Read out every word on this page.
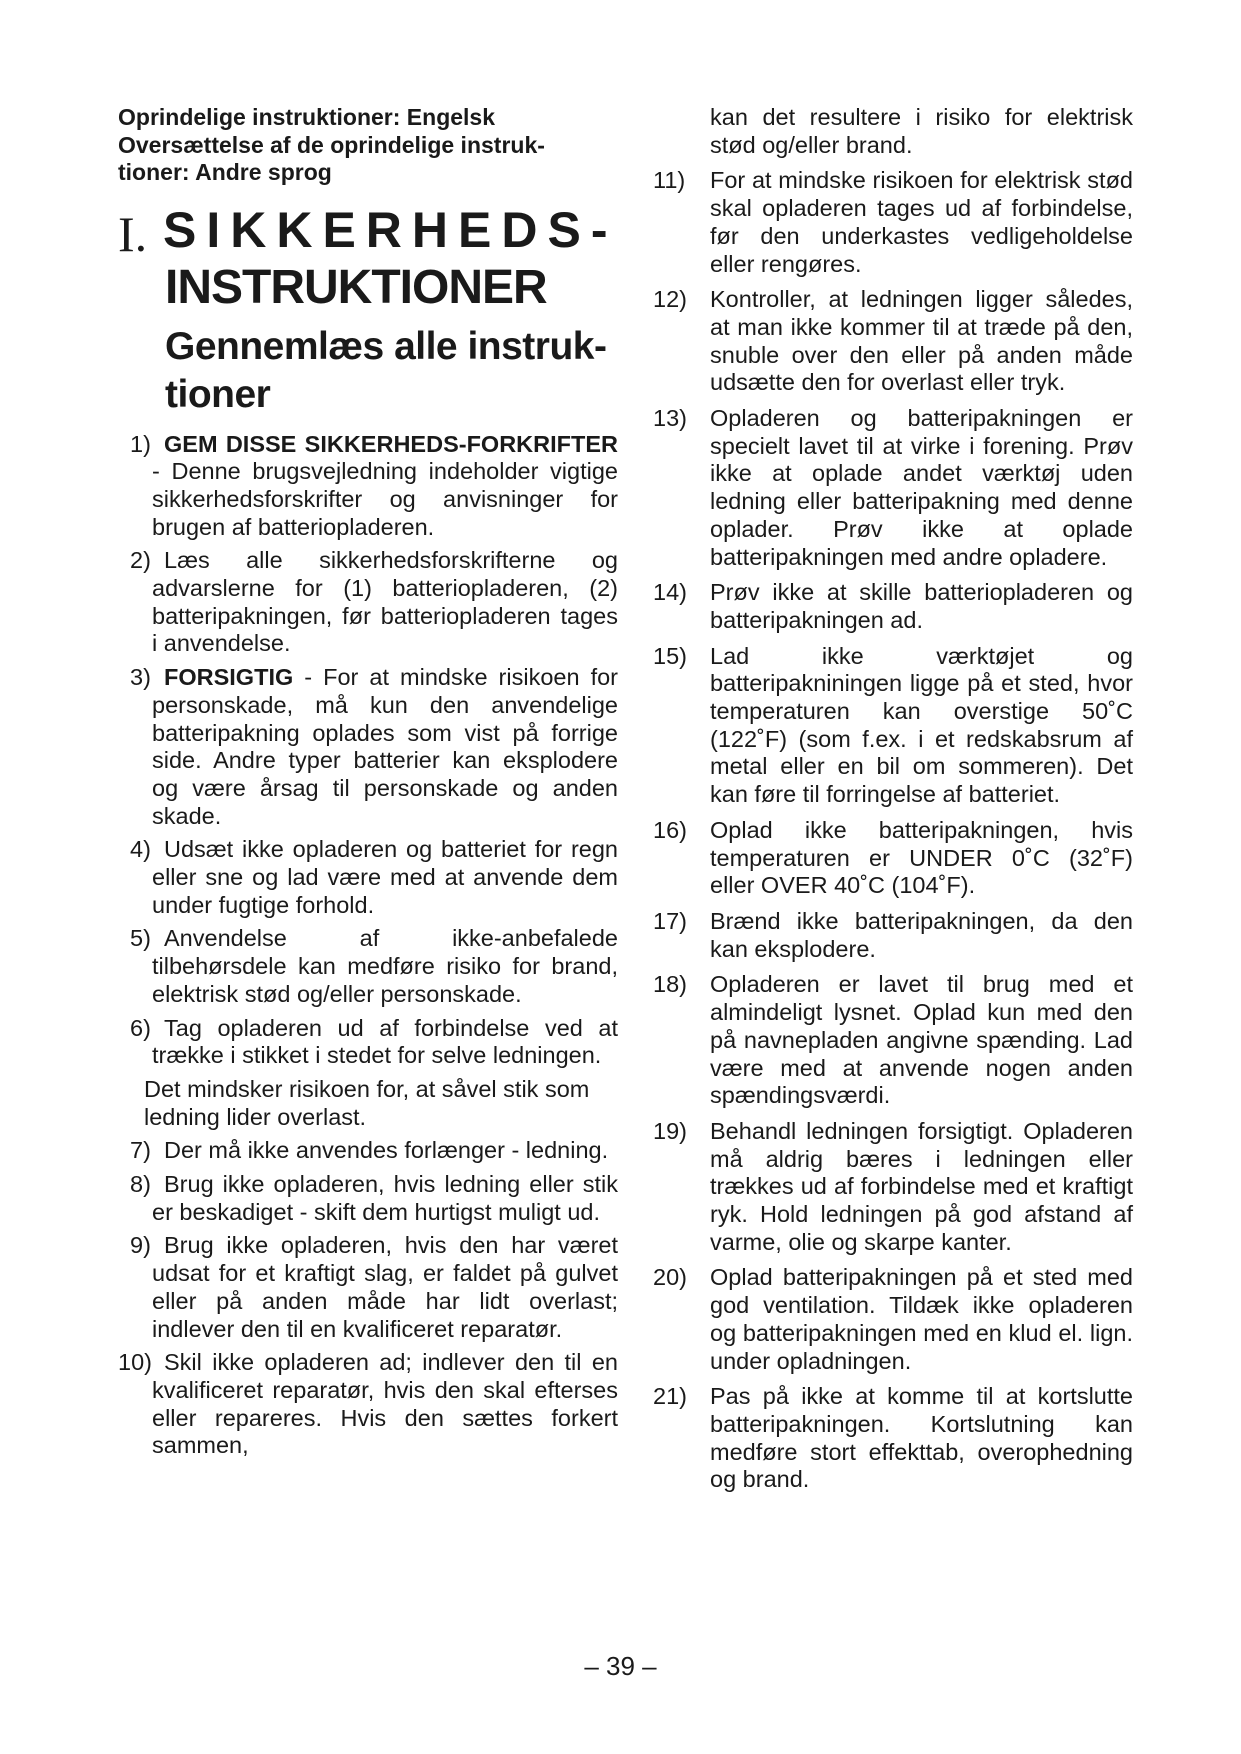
Oprindelige instruktioner: Engelsk
Oversættelse af de oprindelige instruk-
tioner: Andre sprog

I. SIKKERHEDS-
INSTRUKTIONER
Gennemlæs alle instruk-
tioner
1) GEM DISSE SIKKERHEDS-FORKRIFTER - Denne brugsvejledning indeholder vigtige sikkerhedsforskrifter og anvisninger for brugen af batteriopladeren.
2) Læs alle sikkerhedsforskrifterne og advarslerne for (1) batteriopladeren, (2) batteripakningen, før batteriopladeren tages i anvendelse.
3) FORSIGTIG - For at mindske risikoen for personskade, må kun den anvendelige batteripakning oplades som vist på forrige side. Andre typer batterier kan eksplodere og være årsag til personskade og anden skade.
4) Udsæt ikke opladeren og batteriet for regn eller sne og lad være med at anvende dem under fugtige forhold.
5) Anvendelse af ikke-anbefalede tilbehørsdele kan medføre risiko for brand, elektrisk stød og/eller personskade.
6) Tag opladeren ud af forbindelse ved at trække i stikket i stedet for selve ledningen.

Det mindsker risikoen for, at såvel stik som ledning lider overlast.

7) Der må ikke anvendes forlænger - ledning.
8) Brug ikke opladeren, hvis ledning eller stik er beskadiget - skift dem hurtigst muligt ud.
9) Brug ikke opladeren, hvis den har været udsat for et kraftigt slag, er faldet på gulvet eller på anden måde har lidt overlast; indlever den til en kvalificeret reparatør.
10) Skil ikke opladeren ad; indlever den til en kvalificeret reparatør, hvis den skal efterses eller repareres. Hvis den sættes forkert sammen,

kan det resultere i risiko for elektrisk stød og/eller brand.

11) For at mindske risikoen for elektrisk stød skal opladeren tages ud af forbindelse, før den underkastes vedligeholdelse eller rengøres.
12) Kontroller, at ledningen ligger således, at man ikke kommer til at træde på den, snuble over den eller på anden måde udsætte den for overlast eller tryk.
13) Opladeren og batteripakningen er specielt lavet til at virke i forening. Prøv ikke at oplade andet værktøj uden ledning eller batteripakning med denne oplader. Prøv ikke at oplade batteripakningen med andre opladere.
14) Prøv ikke at skille batteriopladeren og batteripakningen ad.
15) Lad ikke værktøjet og batteripakniningen ligge på et sted, hvor temperaturen kan overstige 50˚C (122˚F) (som f.ex. i et redskabsrum af metal eller en bil om sommeren). Det kan føre til forringelse af batteriet.
16) Oplad ikke batteripakningen, hvis temperaturen er UNDER 0˚C (32˚F) eller OVER 40˚C (104˚F).
17) Brænd ikke batteripakningen, da den kan eksplodere.
18) Opladeren er lavet til brug med et almindeligt lysnet. Oplad kun med den på navnepladen angivne spænding. Lad være med at anvende nogen anden spændingsværdi.
19) Behandl ledningen forsigtigt. Opladeren må aldrig bæres i ledningen eller trækkes ud af forbindelse med et kraftigt ryk. Hold ledningen på god afstand af varme, olie og skarpe kanter.
20) Oplad batteripakningen på et sted med god ventilation. Tildæk ikke opladeren og batteripakningen med en klud el. lign. under opladningen.
21) Pas på ikke at komme til at kortslutte batteripakningen. Kortslutning kan medføre stort effekttab, overophedning og brand.
– 39 –
